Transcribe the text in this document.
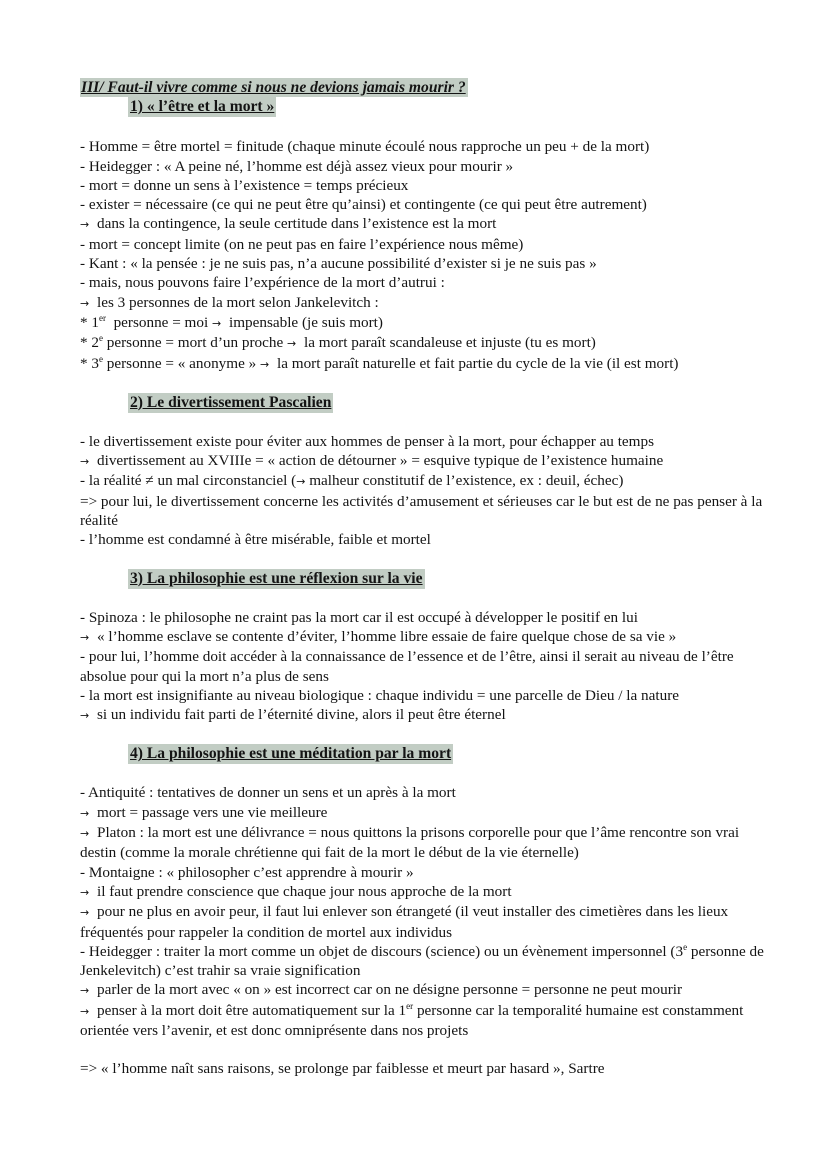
III/ Faut-il vivre comme si nous ne devions jamais mourir ?
1) « l’être et la mort »
- Homme = être mortel = finitude (chaque minute écoulé nous rapproche un peu + de la mort)
- Heidegger : « A peine né, l’homme est déjà assez vieux pour mourir »
- mort = donne un sens à l’existence = temps précieux
- exister = nécessaire (ce qui ne peut être qu’ainsi) et contingente (ce qui peut être autrement)
→ dans la contingence, la seule certitude dans l’existence est la mort
- mort = concept limite (on ne peut pas en faire l’expérience nous même)
- Kant : « la pensée : je ne suis pas, n’a aucune possibilité d’exister si je ne suis pas »
- mais, nous pouvons faire l’expérience de la mort d’autrui :
→ les 3 personnes de la mort selon Jankelevitch :
* 1er personne = moi → impensable (je suis mort)
* 2e personne = mort d’un proche → la mort paraît scandaleuse et injuste (tu es mort)
* 3e personne = « anonyme » → la mort paraît naturelle et fait partie du cycle de la vie (il est mort)
2) Le divertissement Pascalien
- le divertissement existe pour éviter aux hommes de penser à la mort, pour échapper au temps
→ divertissement au XVIIIe = « action de détourner » = esquive typique de l’existence humaine
- la réalité ≠ un mal circonstanciel (→ malheur constitutif de l’existence, ex : deuil, échec)
=> pour lui, le divertissement concerne les activités d’amusement et sérieuses car le but est de ne pas penser à la réalité
- l’homme est condamné à être misérable, faible et mortel
3) La philosophie est une réflexion sur la vie
- Spinoza : le philosophe ne craint pas la mort car il est occupé à développer le positif en lui
→ « l’homme esclave se contente d’éviter, l’homme libre essaie de faire quelque chose de sa vie »
- pour lui, l’homme doit accéder à la connaissance de l’essence et de l’être, ainsi il serait au niveau de l’être absolue pour qui la mort n’a plus de sens
- la mort est insignifiante au niveau biologique : chaque individu = une parcelle de Dieu / la nature
→ si un individu fait parti de l’éternité divine, alors il peut être éternel
4) La philosophie est une méditation par la mort
- Antiquité : tentatives de donner un sens et un après à la mort
→ mort = passage vers une vie meilleure
→ Platon : la mort est une délivrance = nous quittons la prisons corporelle pour que l’âme rencontre son vrai destin (comme la morale chrétienne qui fait de la mort le début de la vie éternelle)
- Montaigne : « philosopher c’est apprendre à mourir »
→ il faut prendre conscience que chaque jour nous approche de la mort
→ pour ne plus en avoir peur, il faut lui enlever son étrangeté (il veut installer des cimetières dans les lieux fréquentés pour rappeler la condition de mortel aux individus
- Heidegger : traiter la mort comme un objet de discours (science) ou un évènement impersonnel (3e personne de Jenkelevitch) c’est trahir sa vraie signification
→ parler de la mort avec « on » est incorrect car on ne désigne personne = personne ne peut mourir
→ penser à la mort doit être automatiquement sur la 1er personne car la temporalité humaine est constamment orientée vers l’avenir, et est donc omniprésente dans nos projets
=> « l’homme naît sans raisons, se prolonge par faiblesse et meurt par hasard », Sartre
